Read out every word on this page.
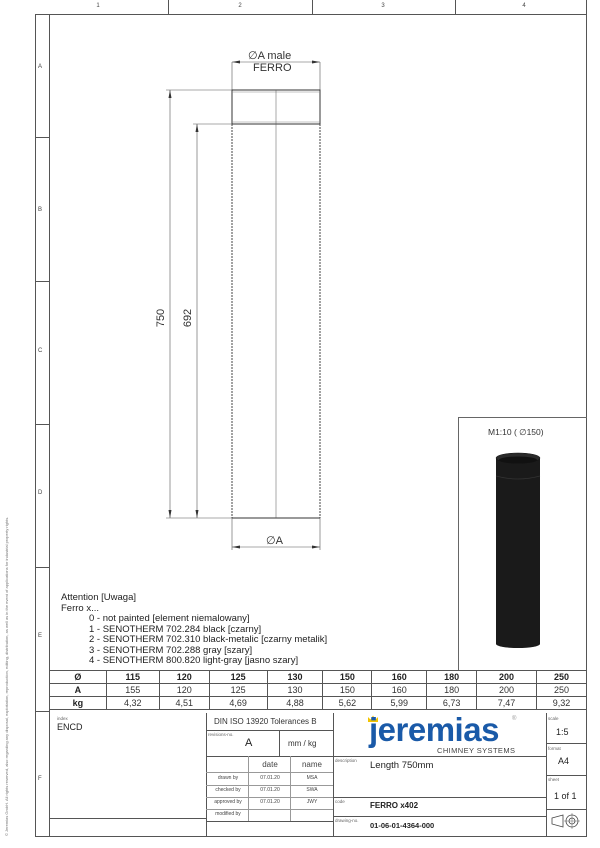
1	2	3	4
A
B
C
D
E
F
© Jeremias GmbH. All rights reserved, also regarding any disposal, exploitation, reproduction, editing, distribution, as well as in the event of applications for industrial property rights.
∅A male
FERRO
750 692
∅A
M1:10 ( ∅150)
Attention [Uwaga]
Ferro x...
0 - not painted [element niemalowany]
1 - SENOTHERM 702.284 black [czarny]
2 - SENOTHERM 702.310 black-metalic [czarny metalik]
3 - SENOTHERM 702.288 gray [szary]
4 - SENOTHERM 800.820 light-gray [jasno szary]
Ø	115	120	125	130	150	160	180	200	250
A	155	120	125	130	150	160	180	200	250
kg	4,32	4,51	4,69	4,88	5,62	5,99	6,73	7,47	9,32
index
ENCD
DIN ISO 13920 Tolerances B
revisions-no.
A	mm / kg
date	name
drawn by	07.01.20	MSA
checked by	07.01.20	SWA
approved by	07.01.20	JWY
modified by
jeremias ®
CHIMNEY SYSTEMS
description Length 750mm
code	FERRO x402
drawing-no.
01-06-01-4364-000
scale
1:5
format
A4
sheet
1 of 1
